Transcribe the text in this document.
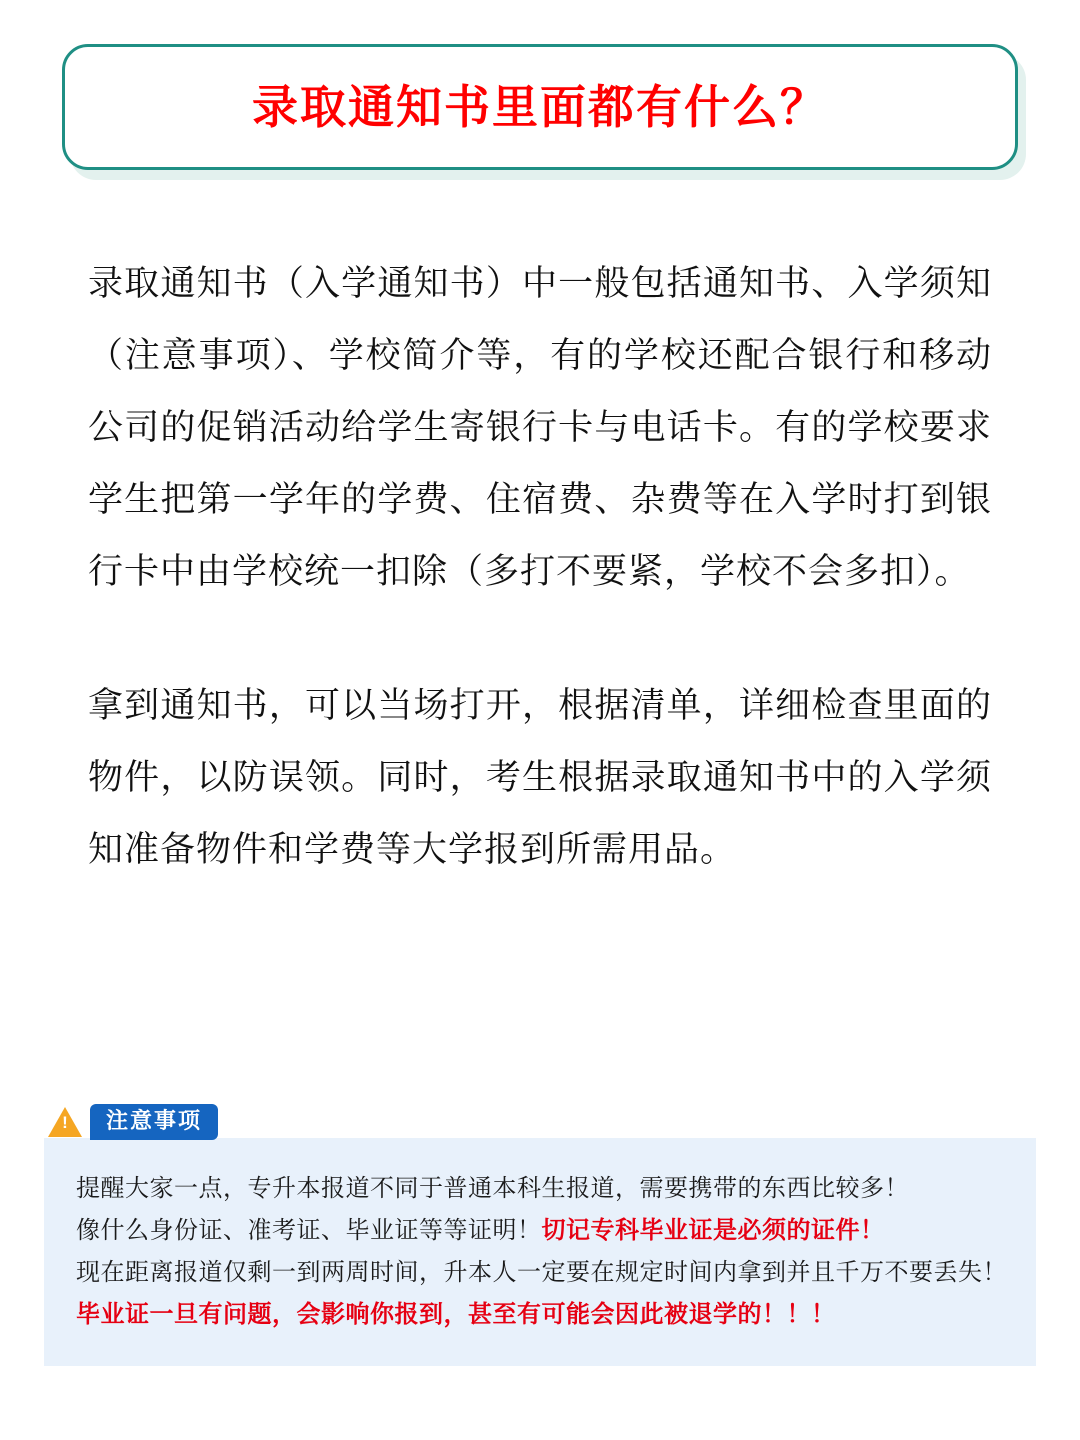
录取通知书里面都有什么？

录取通知书（入学通知书）中一般包括通知书、入学须知（注意事项）、学校简介等，有的学校还配合银行和移动公司的促销活动给学生寄银行卡与电话卡。有的学校要求学生把第一学年的学费、住宿费、杂费等在入学时打到银行卡中由学校统一扣除（多打不要紧，学校不会多扣）。

拿到通知书，可以当场打开，根据清单，详细检查里面的物件，以防误领。同时，考生根据录取通知书中的入学须知准备物件和学费等大学报到所需用品。

!
注意事项
提醒大家一点，专升本报道不同于普通本科生报道，需要携带的东西比较多！
像什么身份证、准考证、毕业证等等证明！切记专科毕业证是必须的证件！
现在距离报道仅剩一到两周时间，升本人一定要在规定时间内拿到并且千万不要丢失！
毕业证一旦有问题，会影响你报到，甚至有可能会因此被退学的！！！
